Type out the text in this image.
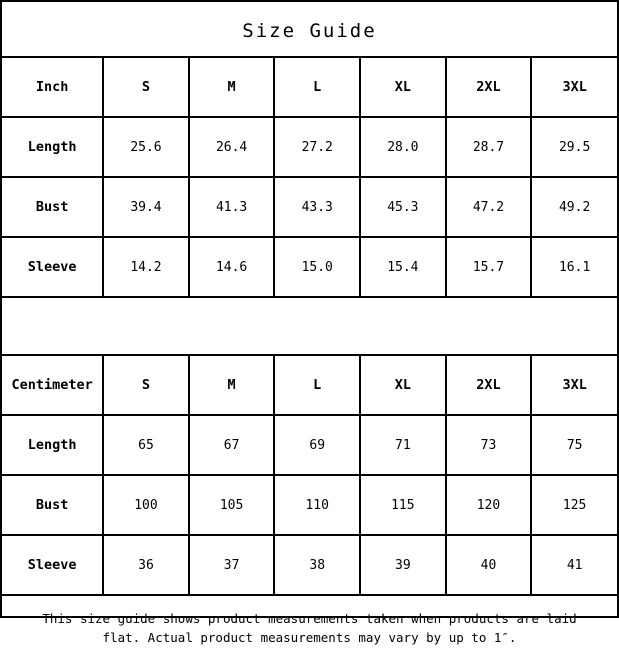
Size Guide
Inch	S	M	L	XL	2XL	3XL
Length	25.6	26.4	27.2	28.0	28.7	29.5
Bust	39.4	41.3	43.3	45.3	47.2	49.2
Sleeve	14.2	14.6	15.0	15.4	15.7	16.1
Centimeter	S	M	L	XL	2XL	3XL
Length	65	67	69	71	73	75
Bust	100	105	110	115	120	125
Sleeve	36	37	38	39	40	41
This size guide shows product measurements taken when products are laid flat. Actual product measurements may vary by up to 1″.
